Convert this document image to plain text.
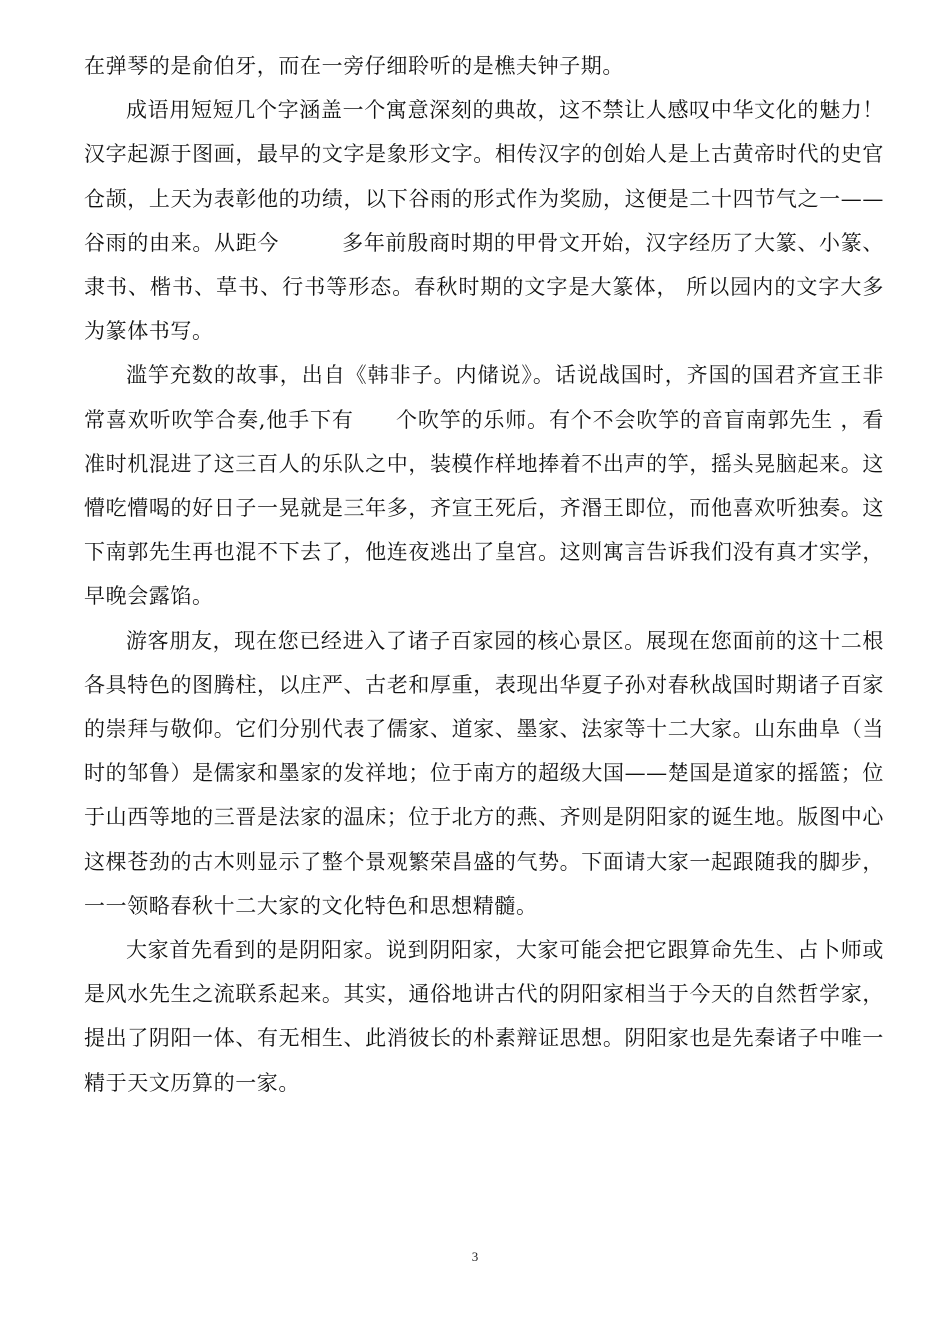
在弹琴的是俞伯牙，而在一旁仔细聆听的是樵夫钟子期。

成语用短短几个字涵盖一个寓意深刻的典故，这不禁让人感叹中华文化的魅力！汉字起源于图画，最早的文字是象形文字。相传汉字的创始人是上古黄帝时代的史官仓颉，上天为表彰他的功绩，以下谷雨的形式作为奖励，这便是二十四节气之一——谷雨的由来。从距今	多年前殷商时期的甲骨文开始，汉字经历了大篆、小篆、隶书、楷书、草书、行书等形态。春秋时期的文字是大篆体， 所以园内的文字大多为篆体书写。

滥竽充数的故事，出自《韩非子。内储说》。话说战国时，齐国的国君齐宣王非常喜欢听吹竽合奏,他手下有 个吹竽的乐师。有个不会吹竽的音盲南郭先生 ，看准时机混进了这三百人的乐队之中，装模作样地捧着不出声的竽，摇头晃脑起来。这懵吃懵喝的好日子一晃就是三年多，齐宣王死后，齐湣王即位，而他喜欢听独奏。这下南郭先生再也混不下去了，他连夜逃出了皇宫。这则寓言告诉我们没有真才实学，早晚会露馅。

游客朋友，现在您已经进入了诸子百家园的核心景区。展现在您面前的这十二根各具特色的图腾柱，以庄严、古老和厚重，表现出华夏子孙对春秋战国时期诸子百家的崇拜与敬仰。它们分别代表了儒家、道家、墨家、法家等十二大家。山东曲阜（当时的邹鲁）是儒家和墨家的发祥地；位于南方的超级大国——楚国是道家的摇篮；位于山西等地的三晋是法家的温床；位于北方的燕、齐则是阴阳家的诞生地。版图中心这棵苍劲的古木则显示了整个景观繁荣昌盛的气势。下面请大家一起跟随我的脚步，一一领略春秋十二大家的文化特色和思想精髓。

大家首先看到的是阴阳家。说到阴阳家，大家可能会把它跟算命先生、占卜师或是风水先生之流联系起来。其实，通俗地讲古代的阴阳家相当于今天的自然哲学家，提出了阴阳一体、有无相生、此消彼长的朴素辩证思想。阴阳家也是先秦诸子中唯一精于天文历算的一家。

3
